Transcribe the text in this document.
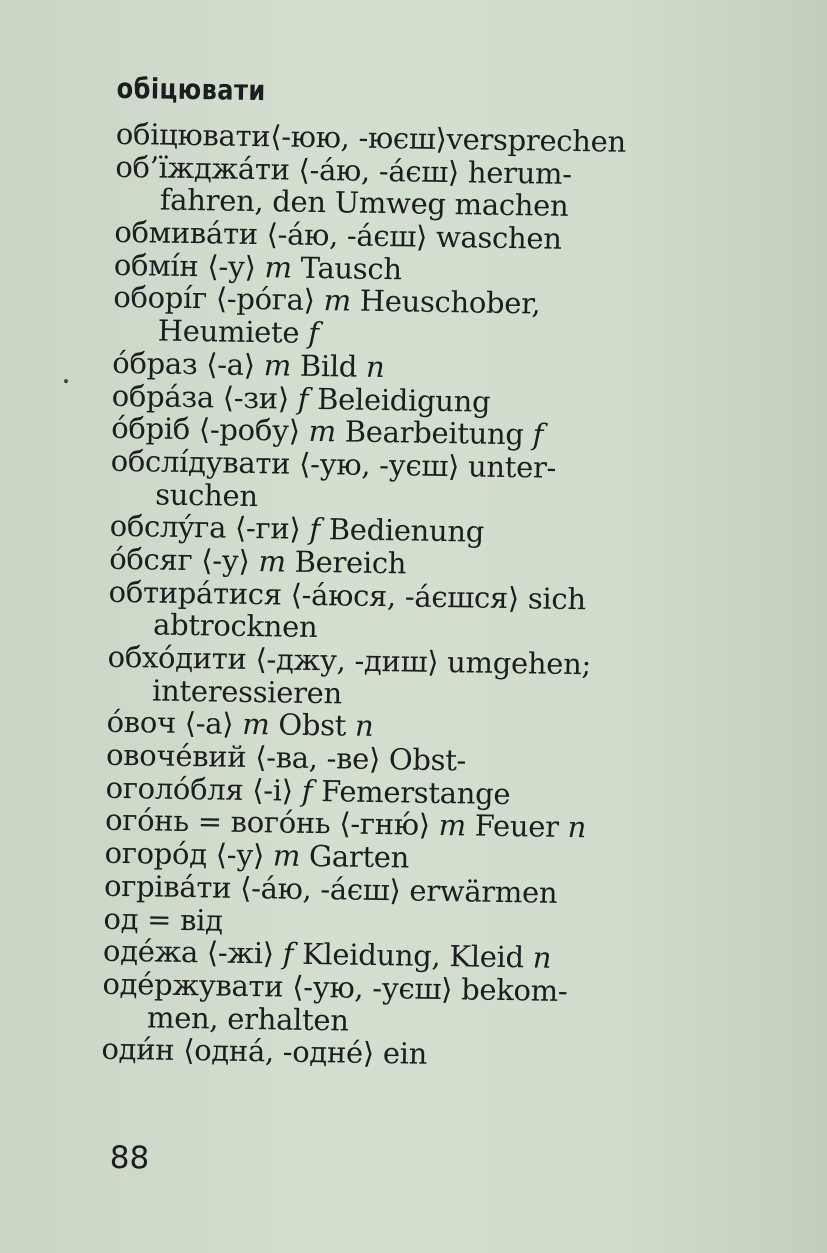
обіцювати
обіцювати⟨-юю, -юєш⟩versprechen
об’їжджáти ⟨-áю, -áєш⟩ herum-
fahren, den Umweg machen
обмивáти ⟨-áю, -áєш⟩ waschen
обмíн ⟨-у⟩ m Tausch
оборíг ⟨-рóга⟩ m Heuschober,
Heumiete f
óбраз ⟨-а⟩ m Bild n
обрáза ⟨-зи⟩ f Beleidigung
óбріб ⟨-робу⟩ m Bearbeitung f
обслíдувати ⟨-ую, -уєш⟩ unter-
suchen
обслýга ⟨-ги⟩ f Bedienung
óбсяг ⟨-у⟩ m Bereich
обтирáтися ⟨-áюся, -áєшся⟩ sich
abtrocknen
обхóдити ⟨-джу, -диш⟩ umgehen;
interessieren
óвоч ⟨-а⟩ m Obst n
овочéвий ⟨-ва, -ве⟩ Obst-
оголóбля ⟨-і⟩ f Femerstange
огóнь = вогóнь ⟨-гню́⟩ m Feuer n
огорóд ⟨-у⟩ m Garten
огрівáти ⟨-áю, -áєш⟩ erwärmen
од = від
одéжа ⟨-жі⟩ f Kleidung, Kleid n
одéржувати ⟨-ую, -уєш⟩ bekom-
men, erhalten
оди́н ⟨однá, -однé⟩ ein
88
